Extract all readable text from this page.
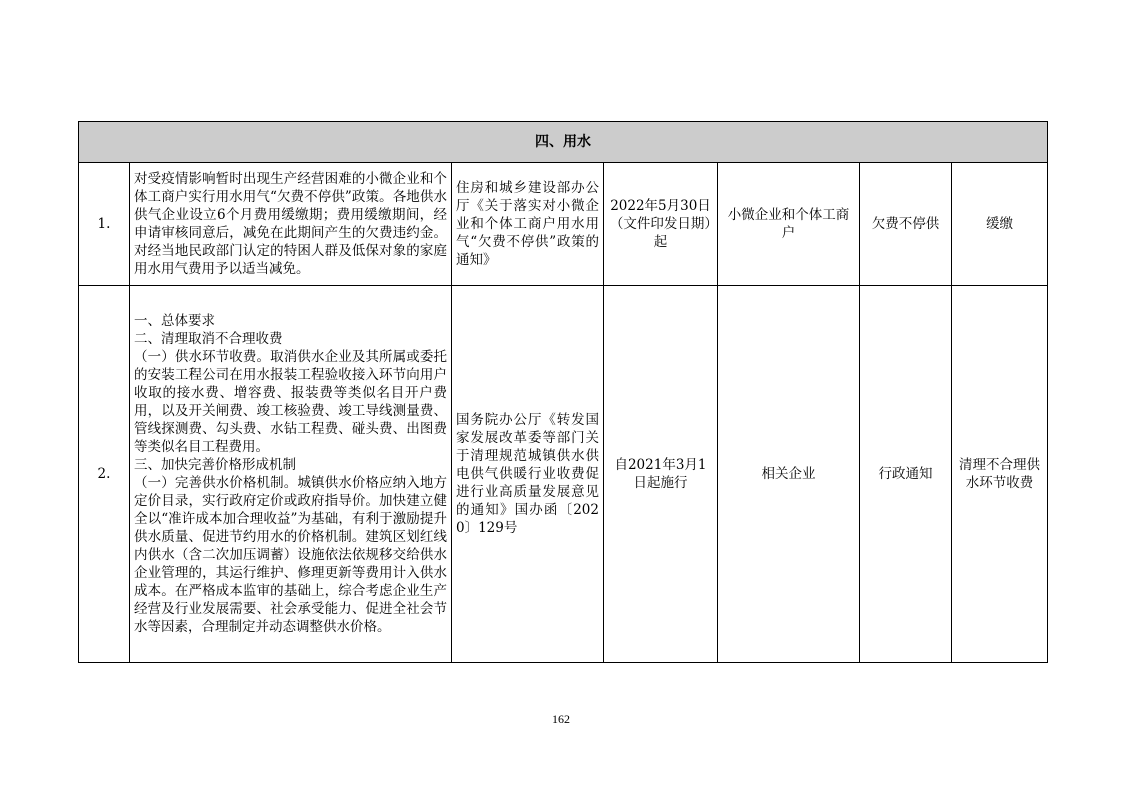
四、用水						
1.	对受疫情影响暂时出现生产经营困难的小微企业和个体工商户实行用水用气“欠费不停供”政策。各地供水供气企业设立6个月费用缓缴期；费用缓缴期间，经申请审核同意后，减免在此期间产生的欠费违约金。对经当地民政部门认定的特困人群及低保对象的家庭用水用气费用予以适当减免。	住房和城乡建设部办公厅《关于落实对小微企业和个体工商户用水用气“欠费不停供”政策的通知》	2022年5月30日（文件印发日期）起	小微企业和个体工商户	欠费不停供	缓缴
2.	一、总体要求
二、清理取消不合理收费
（一）供水环节收费。取消供水企业及其所属或委托的安装工程公司在用水报装工程验收接入环节向用户收取的接水费、增容费、报装费等类似名目开户费用，以及开关闸费、竣工核验费、竣工导线测量费、管线探测费、勾头费、水钻工程费、碰头费、出图费等类似名目工程费用。
三、加快完善价格形成机制
（一）完善供水价格机制。城镇供水价格应纳入地方定价目录，实行政府定价或政府指导价。加快建立健全以“准许成本加合理收益”为基础，有利于激励提升供水质量、促进节约用水的价格机制。建筑区划红线内供水（含二次加压调蓄）设施依法依规移交给供水企业管理的，其运行维护、修理更新等费用计入供水成本。在严格成本监审的基础上，综合考虑企业生产经营及行业发展需要、社会承受能力、促进全社会节水等因素，合理制定并动态调整供水价格。	国务院办公厅《转发国家发展改革委等部门关于清理规范城镇供水供电供气供暖行业收费促进行业高质量发展意见的通知》国办函〔2020〕129号	自2021年3月1日起施行	相关企业	行政通知	清理不合理供水环节收费
162
